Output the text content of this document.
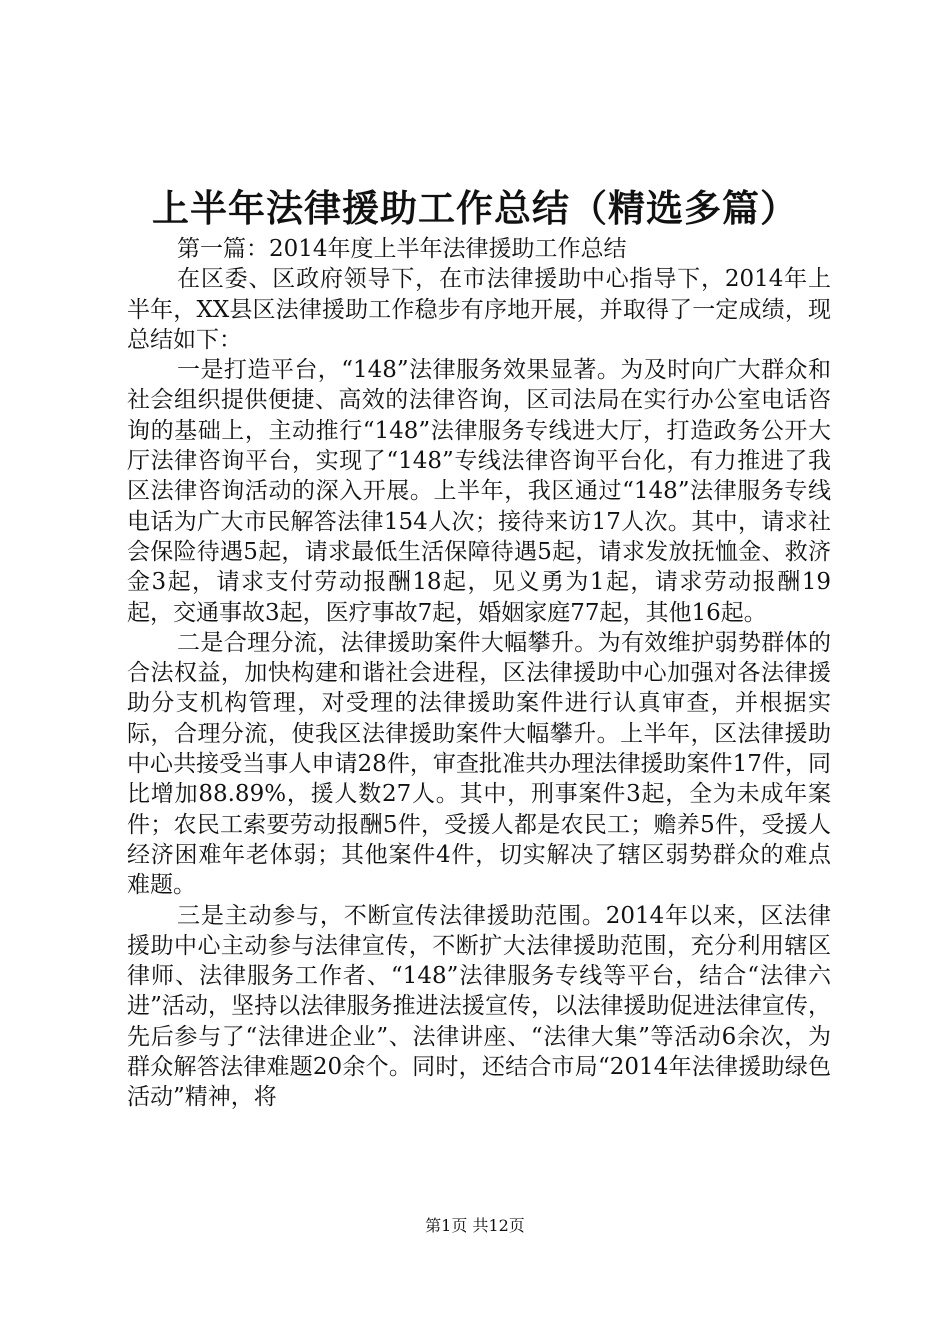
上半年法律援助工作总结（精选多篇）

第一篇：2014年度上半年法律援助工作总结

在区委、区政府领导下，在市法律援助中心指导下，2014年上半年，XX县区法律援助工作稳步有序地开展，并取得了一定成绩，现总结如下：

一是打造平台，“148”法律服务效果显著。为及时向广大群众和社会组织提供便捷、高效的法律咨询，区司法局在实行办公室电话咨询的基础上，主动推行“148”法律服务专线进大厅，打造政务公开大厅法律咨询平台，实现了“148”专线法律咨询平台化，有力推进了我区法律咨询活动的深入开展。上半年，我区通过“148”法律服务专线电话为广大市民解答法律154人次；接待来访17人次。其中，请求社会保险待遇5起，请求最低生活保障待遇5起，请求发放抚恤金、救济金3起，请求支付劳动报酬18起，见义勇为1起，请求劳动报酬19起，交通事故3起，医疗事故7起，婚姻家庭77起，其他16起。

二是合理分流，法律援助案件大幅攀升。为有效维护弱势群体的合法权益，加快构建和谐社会进程，区法律援助中心加强对各法律援助分支机构管理，对受理的法律援助案件进行认真审查，并根据实际，合理分流，使我区法律援助案件大幅攀升。上半年，区法律援助中心共接受当事人申请28件，审查批准共办理法律援助案件17件，同比增加88.89%，援人数27人。其中，刑事案件3起，全为未成年案件；农民工索要劳动报酬5件，受援人都是农民工；赡养5件，受援人经济困难年老体弱；其他案件4件，切实解决了辖区弱势群众的难点难题。

三是主动参与，不断宣传法律援助范围。2014年以来，区法律援助中心主动参与法律宣传，不断扩大法律援助范围，充分利用辖区律师、法律服务工作者、“148”法律服务专线等平台，结合“法律六进”活动，坚持以法律服务推进法援宣传，以法律援助促进法律宣传，先后参与了“法律进企业”、法律讲座、“法律大集”等活动6余次，为群众解答法律难题20余个。同时，还结合市局“2014年法律援助绿色活动”精神，将

第1页 共12页
